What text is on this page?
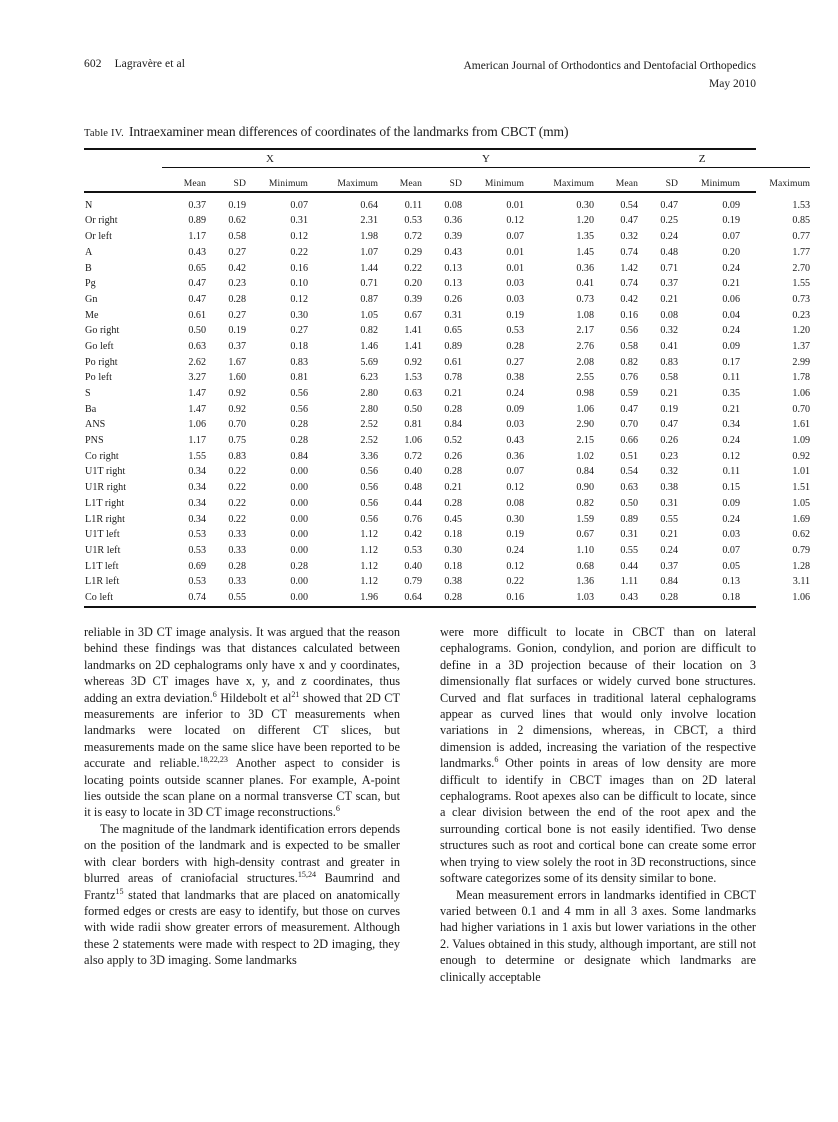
602 Lagravère et al	American Journal of Orthodontics and Dentofacial Orthopedics
May 2010
Table IV. Intraexaminer mean differences of coordinates of the landmarks from CBCT (mm)
	X				Y				Z			
	Mean	SD	Minimum	Maximum	Mean	SD	Minimum	Maximum	Mean	SD	Minimum	Maximum

N	0.37	0.19	0.07	0.64	0.11	0.08	0.01	0.30	0.54	0.47	0.09	1.53
Or right	0.89	0.62	0.31	2.31	0.53	0.36	0.12	1.20	0.47	0.25	0.19	0.85
Or left	1.17	0.58	0.12	1.98	0.72	0.39	0.07	1.35	0.32	0.24	0.07	0.77
A	0.43	0.27	0.22	1.07	0.29	0.43	0.01	1.45	0.74	0.48	0.20	1.77
B	0.65	0.42	0.16	1.44	0.22	0.13	0.01	0.36	1.42	0.71	0.24	2.70
Pg	0.47	0.23	0.10	0.71	0.20	0.13	0.03	0.41	0.74	0.37	0.21	1.55
Gn	0.47	0.28	0.12	0.87	0.39	0.26	0.03	0.73	0.42	0.21	0.06	0.73
Me	0.61	0.27	0.30	1.05	0.67	0.31	0.19	1.08	0.16	0.08	0.04	0.23
Go right	0.50	0.19	0.27	0.82	1.41	0.65	0.53	2.17	0.56	0.32	0.24	1.20
Go left	0.63	0.37	0.18	1.46	1.41	0.89	0.28	2.76	0.58	0.41	0.09	1.37
Po right	2.62	1.67	0.83	5.69	0.92	0.61	0.27	2.08	0.82	0.83	0.17	2.99
Po left	3.27	1.60	0.81	6.23	1.53	0.78	0.38	2.55	0.76	0.58	0.11	1.78
S	1.47	0.92	0.56	2.80	0.63	0.21	0.24	0.98	0.59	0.21	0.35	1.06
Ba	1.47	0.92	0.56	2.80	0.50	0.28	0.09	1.06	0.47	0.19	0.21	0.70
ANS	1.06	0.70	0.28	2.52	0.81	0.84	0.03	2.90	0.70	0.47	0.34	1.61
PNS	1.17	0.75	0.28	2.52	1.06	0.52	0.43	2.15	0.66	0.26	0.24	1.09
Co right	1.55	0.83	0.84	3.36	0.72	0.26	0.36	1.02	0.51	0.23	0.12	0.92
U1T right	0.34	0.22	0.00	0.56	0.40	0.28	0.07	0.84	0.54	0.32	0.11	1.01
U1R right	0.34	0.22	0.00	0.56	0.48	0.21	0.12	0.90	0.63	0.38	0.15	1.51
L1T right	0.34	0.22	0.00	0.56	0.44	0.28	0.08	0.82	0.50	0.31	0.09	1.05
L1R right	0.34	0.22	0.00	0.56	0.76	0.45	0.30	1.59	0.89	0.55	0.24	1.69
U1T left	0.53	0.33	0.00	1.12	0.42	0.18	0.19	0.67	0.31	0.21	0.03	0.62
U1R left	0.53	0.33	0.00	1.12	0.53	0.30	0.24	1.10	0.55	0.24	0.07	0.79
L1T left	0.69	0.28	0.28	1.12	0.40	0.18	0.12	0.68	0.44	0.37	0.05	1.28
L1R left	0.53	0.33	0.00	1.12	0.79	0.38	0.22	1.36	1.11	0.84	0.13	3.11
Co left	0.74	0.55	0.00	1.96	0.64	0.28	0.16	1.03	0.43	0.28	0.18	1.06

reliable in 3D CT image analysis. It was argued that the reason behind these findings was that distances calculated between landmarks on 2D cephalograms only have x and y coordinates, whereas 3D CT images have x, y, and z coordinates, thus adding an extra deviation.$^6$ Hildebolt et $al^{21}$ showed that 2D CT measurements are inferior to 3D CT measurements when landmarks were located on different CT slices, but measurements made on the same slice have been reported to be accurate and reliable.$^{18,22,23}$ Another aspect to consider is locating points outside scanner planes. For example, A-point lies outside the scan plane on a normal transverse CT scan, but it is easy to locate in 3D CT image reconstructions.$^6$

The magnitude of the landmark identification errors depends on the position of the landmark and is expected to be smaller with clear borders with high-density contrast and greater in blurred areas of craniofacial structures.$^{15,24}$ Baumrind and Frantz$^{15}$ stated that landmarks that are placed on anatomically formed edges or crests are easy to identify, but those on curves with wide radii show greater errors of measurement. Although these 2 statements were made with respect to 2D imaging, they also apply to 3D imaging. Some landmarks

were more difficult to locate in CBCT than on lateral cephalograms. Gonion, condylion, and porion are difficult to define in a 3D projection because of their location on 3 dimensionally flat surfaces or widely curved bone structures. Curved and flat surfaces in traditional lateral cephalograms appear as curved lines that would only involve location variations in 2 dimensions, whereas, in CBCT, a third dimension is added, increasing the variation of the respective landmarks.$^6$ Other points in areas of low density are more difficult to identify in CBCT images than on 2D lateral cephalograms. Root apexes also can be difficult to locate, since a clear division between the end of the root apex and the surrounding cortical bone is not easily identified. Two dense structures such as root and cortical bone can create some error when trying to view solely the root in 3D reconstructions, since software categorizes some of its density similar to bone.

Mean measurement errors in landmarks identified in CBCT varied between 0.1 and 4 mm in all 3 axes. Some landmarks had higher variations in 1 axis but lower variations in the other 2. Values obtained in this study, although important, are still not enough to determine or designate which landmarks are clinically acceptable
